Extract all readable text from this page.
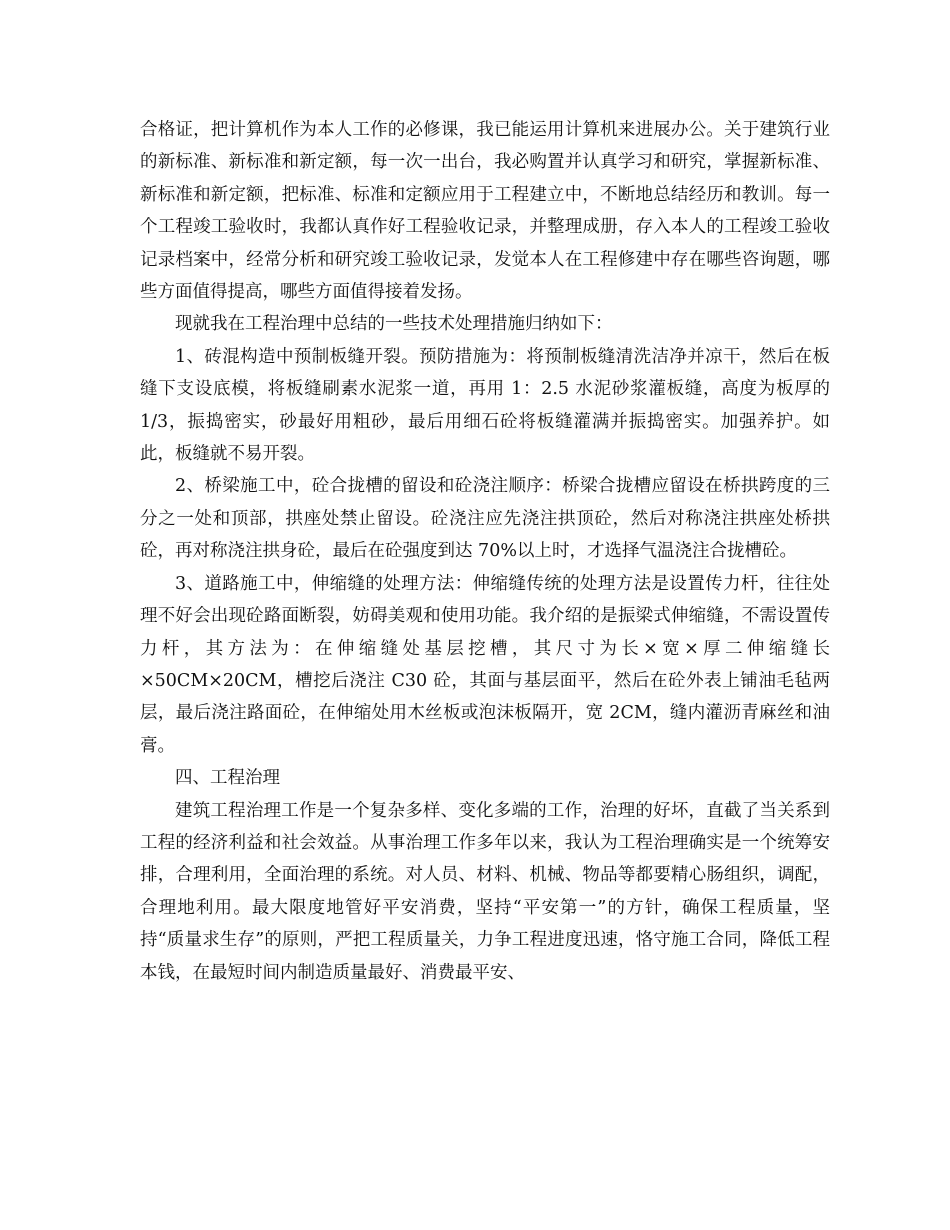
合格证，把计算机作为本人工作的必修课，我已能运用计算机来进展办公。关于建筑行业的新标准、新标准和新定额，每一次一出台，我必购置并认真学习和研究，掌握新标准、新标准和新定额，把标准、标准和定额应用于工程建立中，不断地总结经历和教训。每一个工程竣工验收时，我都认真作好工程验收记录，并整理成册，存入本人的工程竣工验收记录档案中，经常分析和研究竣工验收记录，发觉本人在工程修建中存在哪些咨询题，哪些方面值得提高，哪些方面值得接着发扬。

现就我在工程治理中总结的一些技术处理措施归纳如下：

1、砖混构造中预制板缝开裂。预防措施为：将预制板缝清洗洁净并凉干，然后在板缝下支设底模，将板缝刷素水泥浆一道，再用 1：2.5 水泥砂浆灌板缝，高度为板厚的 1/3，振捣密实，砂最好用粗砂，最后用细石砼将板缝灌满并振捣密实。加强养护。如此，板缝就不易开裂。

2、桥梁施工中，砼合拢槽的留设和砼浇注顺序：桥梁合拢槽应留设在桥拱跨度的三分之一处和顶部，拱座处禁止留设。砼浇注应先浇注拱顶砼，然后对称浇注拱座处桥拱砼，再对称浇注拱身砼，最后在砼强度到达 70%以上时，才选择气温浇注合拢槽砼。

3、道路施工中，伸缩缝的处理方法：伸缩缝传统的处理方法是设置传力杆，往往处理不好会出现砼路面断裂，妨碍美观和使用功能。我介绍的是振梁式伸缩缝，不需设置传力杆，其方法为：在伸缩缝处基层挖槽，其尺寸为长×宽×厚二伸缩缝长×50CM×20CM，槽挖后浇注 C30 砼，其面与基层面平，然后在砼外表上铺油毛毡两层，最后浇注路面砼，在伸缩处用木丝板或泡沫板隔开，宽 2CM，缝内灌沥青麻丝和油膏。

四、工程治理

建筑工程治理工作是一个复杂多样、变化多端的工作，治理的好坏，直截了当关系到工程的经济利益和社会效益。从事治理工作多年以来，我认为工程治理确实是一个统筹安排，合理利用，全面治理的系统。对人员、材料、机械、物品等都要精心肠组织，调配，合理地利用。最大限度地管好平安消费，坚持“平安第一”的方针，确保工程质量，坚持“质量求生存”的原则，严把工程质量关，力争工程进度迅速，恪守施工合同，降低工程本钱，在最短时间内制造质量最好、消费最平安、
